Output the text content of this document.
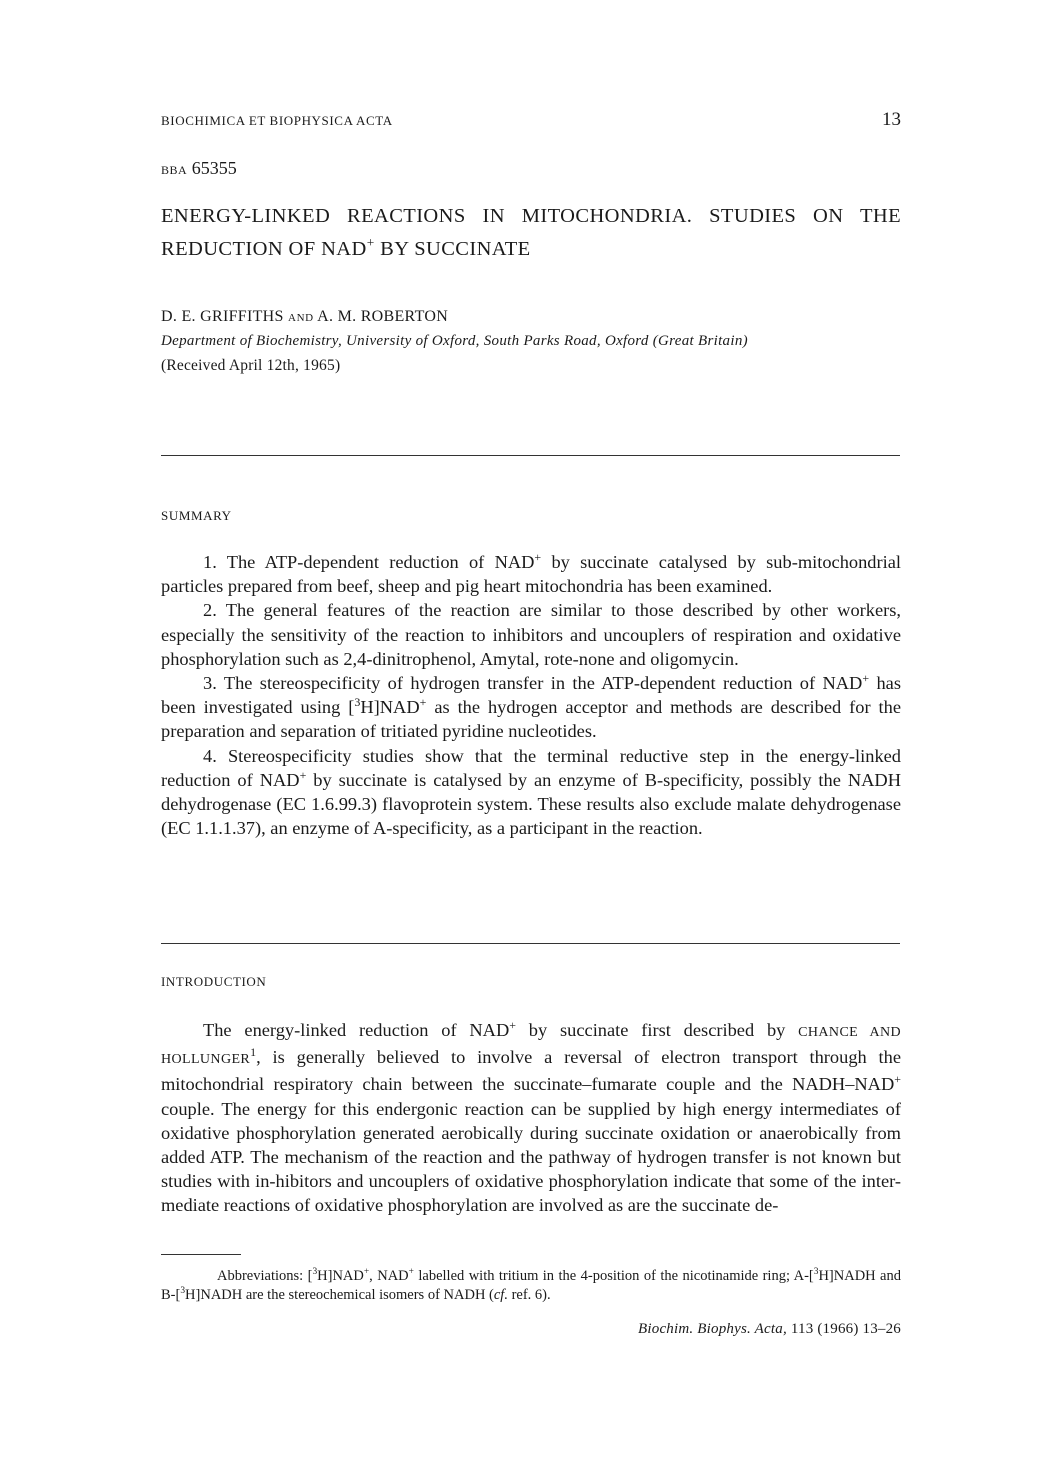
BIOCHIMICA ET BIOPHYSICA ACTA	13
BBA 65355
ENERGY-LINKED REACTIONS IN MITOCHONDRIA. STUDIES ON THE REDUCTION OF NAD+ BY SUCCINATE
D. E. GRIFFITHS AND A. M. ROBERTON
Department of Biochemistry, University of Oxford, South Parks Road, Oxford (Great Britain)
(Received April 12th, 1965)
SUMMARY

1. The ATP-dependent reduction of NAD+ by succinate catalysed by sub-mitochondrial particles prepared from beef, sheep and pig heart mitochondria has been examined.

2. The general features of the reaction are similar to those described by other workers, especially the sensitivity of the reaction to inhibitors and uncouplers of respiration and oxidative phosphorylation such as 2,4-dinitrophenol, Amytal, rote-none and oligomycin.

3. The stereospecificity of hydrogen transfer in the ATP-dependent reduction of NAD+ has been investigated using [$^3$H]NAD+ as the hydrogen acceptor and methods are described for the preparation and separation of tritiated pyridine nucleotides.

4. Stereospecificity studies show that the terminal reductive step in the energy-linked reduction of NAD+ by succinate is catalysed by an enzyme of B-specificity, possibly the NADH dehydrogenase (EC 1.6.99.3) flavoprotein system. These results also exclude malate dehydrogenase (EC 1.1.1.37), an enzyme of A-specificity, as a participant in the reaction.

INTRODUCTION

The energy-linked reduction of NAD+ by succinate first described by CHANCE AND HOLLUNGER$^1$, is generally believed to involve a reversal of electron transport through the mitochondrial respiratory chain between the succinate–fumarate couple and the NADH–NAD+ couple. The energy for this endergonic reaction can be supplied by high energy intermediates of oxidative phosphorylation generated aerobically during succinate oxidation or anaerobically from added ATP. The mechanism of the reaction and the pathway of hydrogen transfer is not known but studies with in-hibitors and uncouplers of oxidative phosphorylation indicate that some of the inter-mediate reactions of oxidative phosphorylation are involved as are the succinate de-

Abbreviations: [$^3$H]NAD+, NAD+ labelled with tritium in the 4-position of the nicotinamide ring; A-[$^3$H]NADH and B-[$^3$H]NADH are the stereochemical isomers of NADH (cf. ref. 6).

Biochim. Biophys. Acta, 113 (1966) 13–26
